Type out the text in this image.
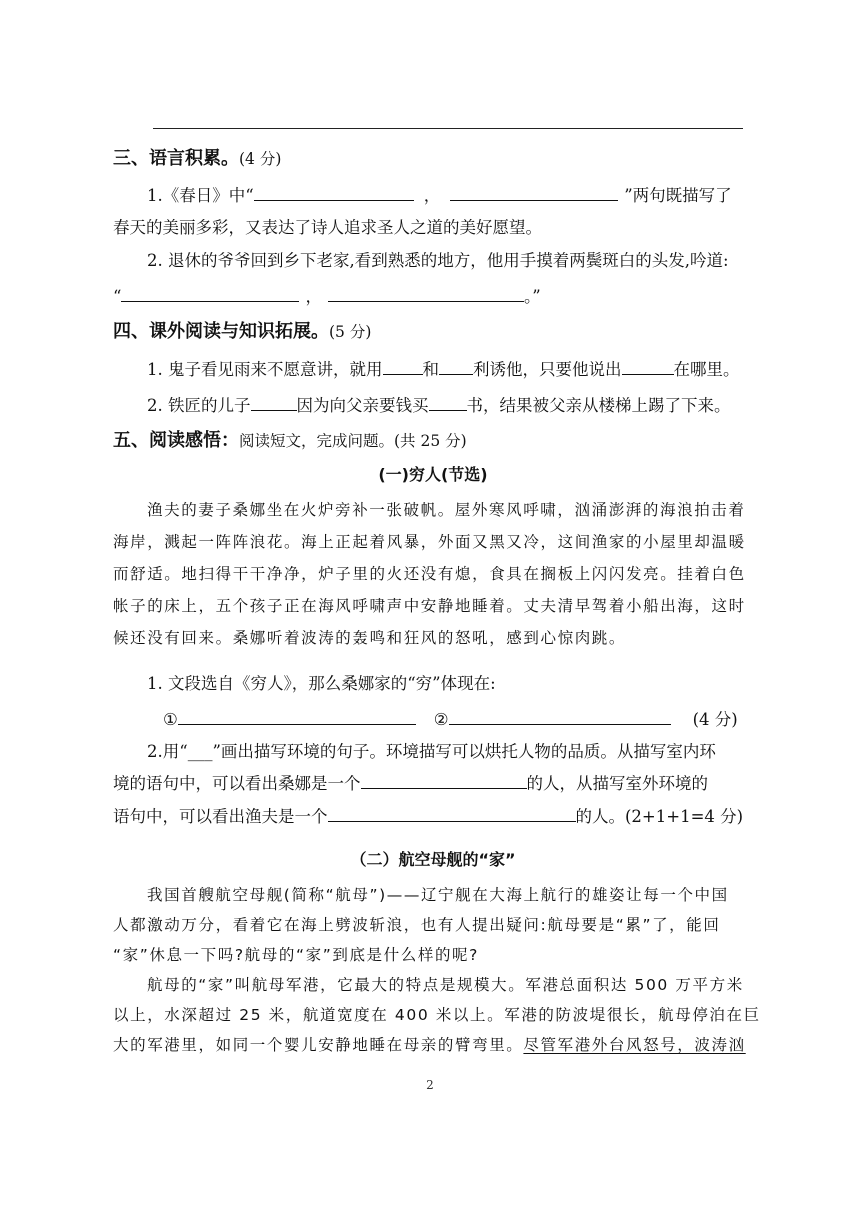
三、语言积累。(4 分)
1.《春日》中“	，	”两句既描写了
春天的美丽多彩，又表达了诗人追求圣人之道的美好愿望。
2. 退休的爷爷回到乡下老家,看到熟悉的地方，他用手摸着两鬓斑白的头发,吟道:
“	，	。”
四、课外阅读与知识拓展。(5 分)
1. 鬼子看见雨来不愿意讲，就用 和 利诱他，只要他说出	在哪里。
2. 铁匠的儿子	因为向父亲要钱买 书，结果被父亲从楼梯上踢了下来。
五、阅读感悟：阅读短文，完成问题。(共 25 分)
(一)穷人(节选)
渔夫的妻子桑娜坐在火炉旁补一张破帆。屋外寒风呼啸，汹涌澎湃的海浪拍击着
海岸，溅起一阵阵浪花。海上正起着风暴，外面又黑又冷，这间渔家的小屋里却温暖
而舒适。地扫得干干净净，炉子里的火还没有熄，食具在搁板上闪闪发亮。挂着白色
帐子的床上，五个孩子正在海风呼啸声中安静地睡着。丈夫清早驾着小船出海，这时
候还没有回来。桑娜听着波涛的轰鸣和狂风的怒吼，感到心惊肉跳。
1. 文段选自《穷人》，那么桑娜家的“穷”体现在:
①	②	(4 分)
2.用“___”画出描写环境的句子。环境描写可以烘托人物的品质。从描写室内环
境的语句中，可以看出桑娜是一个	的人，从描写室外环境的
语句中，可以看出渔夫是一个	的人。(2+1+1=4 分)
（二）航空母舰的“家”
我国首艘航空母舰(简称“航母”)——辽宁舰在大海上航行的雄姿让每一个中国
人都激动万分，看着它在海上劈波斩浪，也有人提出疑问:航母要是“累”了，能回
“家”休息一下吗?航母的“家”到底是什么样的呢?
航母的“家”叫航母军港，它最大的特点是规模大。军港总面积达 500 万平方米
以上，水深超过 25 米，航道宽度在 400 米以上。军港的防波堤很长，航母停泊在巨
大的军港里，如同一个婴儿安静地睡在母亲的臂弯里。尽管军港外台风怒号，波涛汹
2
